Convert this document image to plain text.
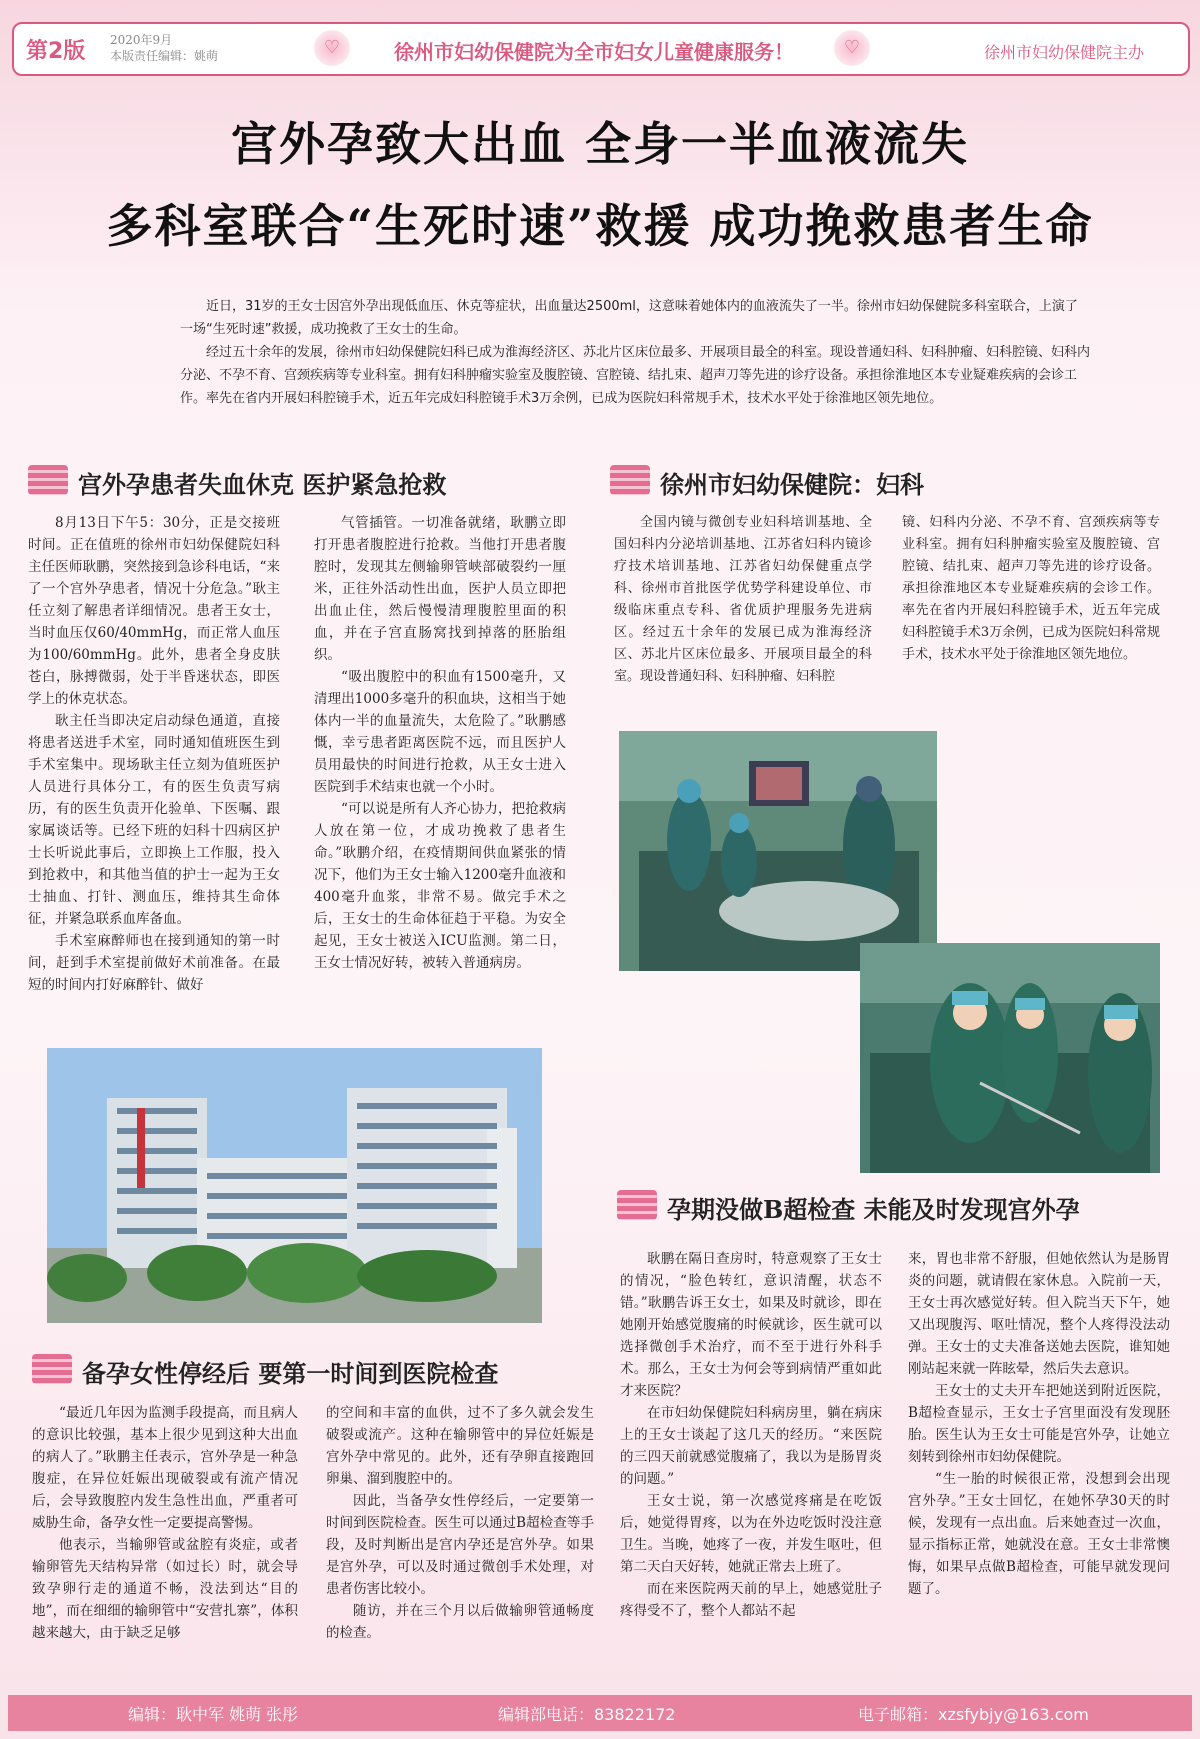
第2版 2020年9月
本版责任编辑：姚萌	♡	徐州市妇幼保健院为全市妇女儿童健康服务！	♡	徐州市妇幼保健院主办
宫外孕致大出血 全身一半血液流失
多科室联合“生死时速”救援 成功挽救患者生命

近日，31岁的王女士因宫外孕出现低血压、休克等症状，出血量达2500ml，这意味着她体内的血液流失了一半。徐州市妇幼保健院多科室联合，上演了一场“生死时速”救援，成功挽救了王女士的生命。

经过五十余年的发展，徐州市妇幼保健院妇科已成为淮海经济区、苏北片区床位最多、开展项目最全的科室。现设普通妇科、妇科肿瘤、妇科腔镜、妇科内分泌、不孕不育、宫颈疾病等专业科室。拥有妇科肿瘤实验室及腹腔镜、宫腔镜、结扎束、超声刀等先进的诊疗设备。承担徐淮地区本专业疑难疾病的会诊工作。率先在省内开展妇科腔镜手术，近五年完成妇科腔镜手术3万余例，已成为医院妇科常规手术，技术水平处于徐淮地区领先地位。

宫外孕患者失血休克 医护紧急抢救

8月13日下午5：30分，正是交接班时间。正在值班的徐州市妇幼保健院妇科主任医师耿鹏，突然接到急诊科电话，“来了一个宫外孕患者，情况十分危急。”耿主任立刻了解患者详细情况。患者王女士，当时血压仅60/40mmHg，而正常人血压为100/60mmHg。此外，患者全身皮肤苍白，脉搏微弱，处于半昏迷状态，即医学上的休克状态。

耿主任当即决定启动绿色通道，直接将患者送进手术室，同时通知值班医生到手术室集中。现场耿主任立刻为值班医护人员进行具体分工，有的医生负责写病历，有的医生负责开化验单、下医嘱、跟家属谈话等。已经下班的妇科十四病区护士长听说此事后，立即换上工作服，投入到抢救中，和其他当值的护士一起为王女士抽血、打针、测血压，维持其生命体征，并紧急联系血库备血。

手术室麻醉师也在接到通知的第一时间，赶到手术室提前做好术前准备。在最短的时间内打好麻醉针、做好

气管插管。一切准备就绪，耿鹏立即打开患者腹腔进行抢救。当他打开患者腹腔时，发现其左侧输卵管峡部破裂约一厘米，正往外活动性出血，医护人员立即把出血止住，然后慢慢清理腹腔里面的积血，并在子宫直肠窝找到掉落的胚胎组织。

“吸出腹腔中的积血有1500毫升，又清理出1000多毫升的积血块，这相当于她体内一半的血量流失，太危险了。”耿鹏感慨，幸亏患者距离医院不远，而且医护人员用最快的时间进行抢救，从王女士进入医院到手术结束也就一个小时。

“可以说是所有人齐心协力，把抢救病人放在第一位，才成功挽救了患者生命。”耿鹏介绍，在疫情期间供血紧张的情况下，他们为王女士输入1200毫升血液和400毫升血浆，非常不易。做完手术之后，王女士的生命体征趋于平稳。为安全起见，王女士被送入ICU监测。第二日，王女士情况好转，被转入普通病房。

徐州市妇幼保健院：妇科

全国内镜与微创专业妇科培训基地、全国妇科内分泌培训基地、江苏省妇科内镜诊疗技术培训基地、江苏省妇幼保健重点学科、徐州市首批医学优势学科建设单位、市级临床重点专科、省优质护理服务先进病区。经过五十余年的发展已成为淮海经济区、苏北片区床位最多、开展项目最全的科室。现设普通妇科、妇科肿瘤、妇科腔

镜、妇科内分泌、不孕不育、宫颈疾病等专业科室。拥有妇科肿瘤实验室及腹腔镜、宫腔镜、结扎束、超声刀等先进的诊疗设备。承担徐淮地区本专业疑难疾病的会诊工作。率先在省内开展妇科腔镜手术，近五年完成妇科腔镜手术3万余例，已成为医院妇科常规手术，技术水平处于徐淮地区领先地位。

备孕女性停经后 要第一时间到医院检查

“最近几年因为监测手段提高，而且病人的意识比较强，基本上很少见到这种大出血的病人了。”耿鹏主任表示，宫外孕是一种急腹症，在异位妊娠出现破裂或有流产情况后，会导致腹腔内发生急性出血，严重者可威胁生命，备孕女性一定要提高警惕。

他表示，当输卵管或盆腔有炎症，或者输卵管先天结构异常（如过长）时，就会导致孕卵行走的通道不畅，没法到达“目的地”，而在细细的输卵管中“安营扎寨”，体积越来越大，由于缺乏足够

的空间和丰富的血供，过不了多久就会发生破裂或流产。这种在输卵管中的异位妊娠是宫外孕中常见的。此外，还有孕卵直接跑回卵巢、溜到腹腔中的。

因此，当备孕女性停经后，一定要第一时间到医院检查。医生可以通过B超检查等手段，及时判断出是宫内孕还是宫外孕。如果是宫外孕，可以及时通过微创手术处理，对患者伤害比较小。

随访，并在三个月以后做输卵管通畅度的检查。

孕期没做B超检查 未能及时发现宫外孕

耿鹏在隔日查房时，特意观察了王女士的情况，“脸色转红，意识清醒，状态不错。”耿鹏告诉王女士，如果及时就诊，即在她刚开始感觉腹痛的时候就诊，医生就可以选择微创手术治疗，而不至于进行外科手术。那么，王女士为何会等到病情严重如此才来医院？

在市妇幼保健院妇科病房里，躺在病床上的王女士谈起了这几天的经历。“来医院的三四天前就感觉腹痛了，我以为是肠胃炎的问题。”

王女士说，第一次感觉疼痛是在吃饭后，她觉得胃疼，以为在外边吃饭时没注意卫生。当晚，她疼了一夜，并发生呕吐，但第二天白天好转，她就正常去上班了。

而在来医院两天前的早上，她感觉肚子疼得受不了，整个人都站不起

来，胃也非常不舒服，但她依然认为是肠胃炎的问题，就请假在家休息。入院前一天，王女士再次感觉好转。但入院当天下午，她又出现腹泻、呕吐情况，整个人疼得没法动弹。王女士的丈夫准备送她去医院，谁知她刚站起来就一阵眩晕，然后失去意识。

王女士的丈夫开车把她送到附近医院，B超检查显示，王女士子宫里面没有发现胚胎。医生认为王女士可能是宫外孕，让她立刻转到徐州市妇幼保健院。

“生一胎的时候很正常，没想到会出现宫外孕。”王女士回忆，在她怀孕30天的时候，发现有一点出血。后来她查过一次血，显示指标正常，她就没在意。王女士非常懊悔，如果早点做B超检查，可能早就发现问题了。

编辑：耿中军 姚萌 张彤	编辑部电话：83822172	电子邮箱：xzsfybjy@163.com
